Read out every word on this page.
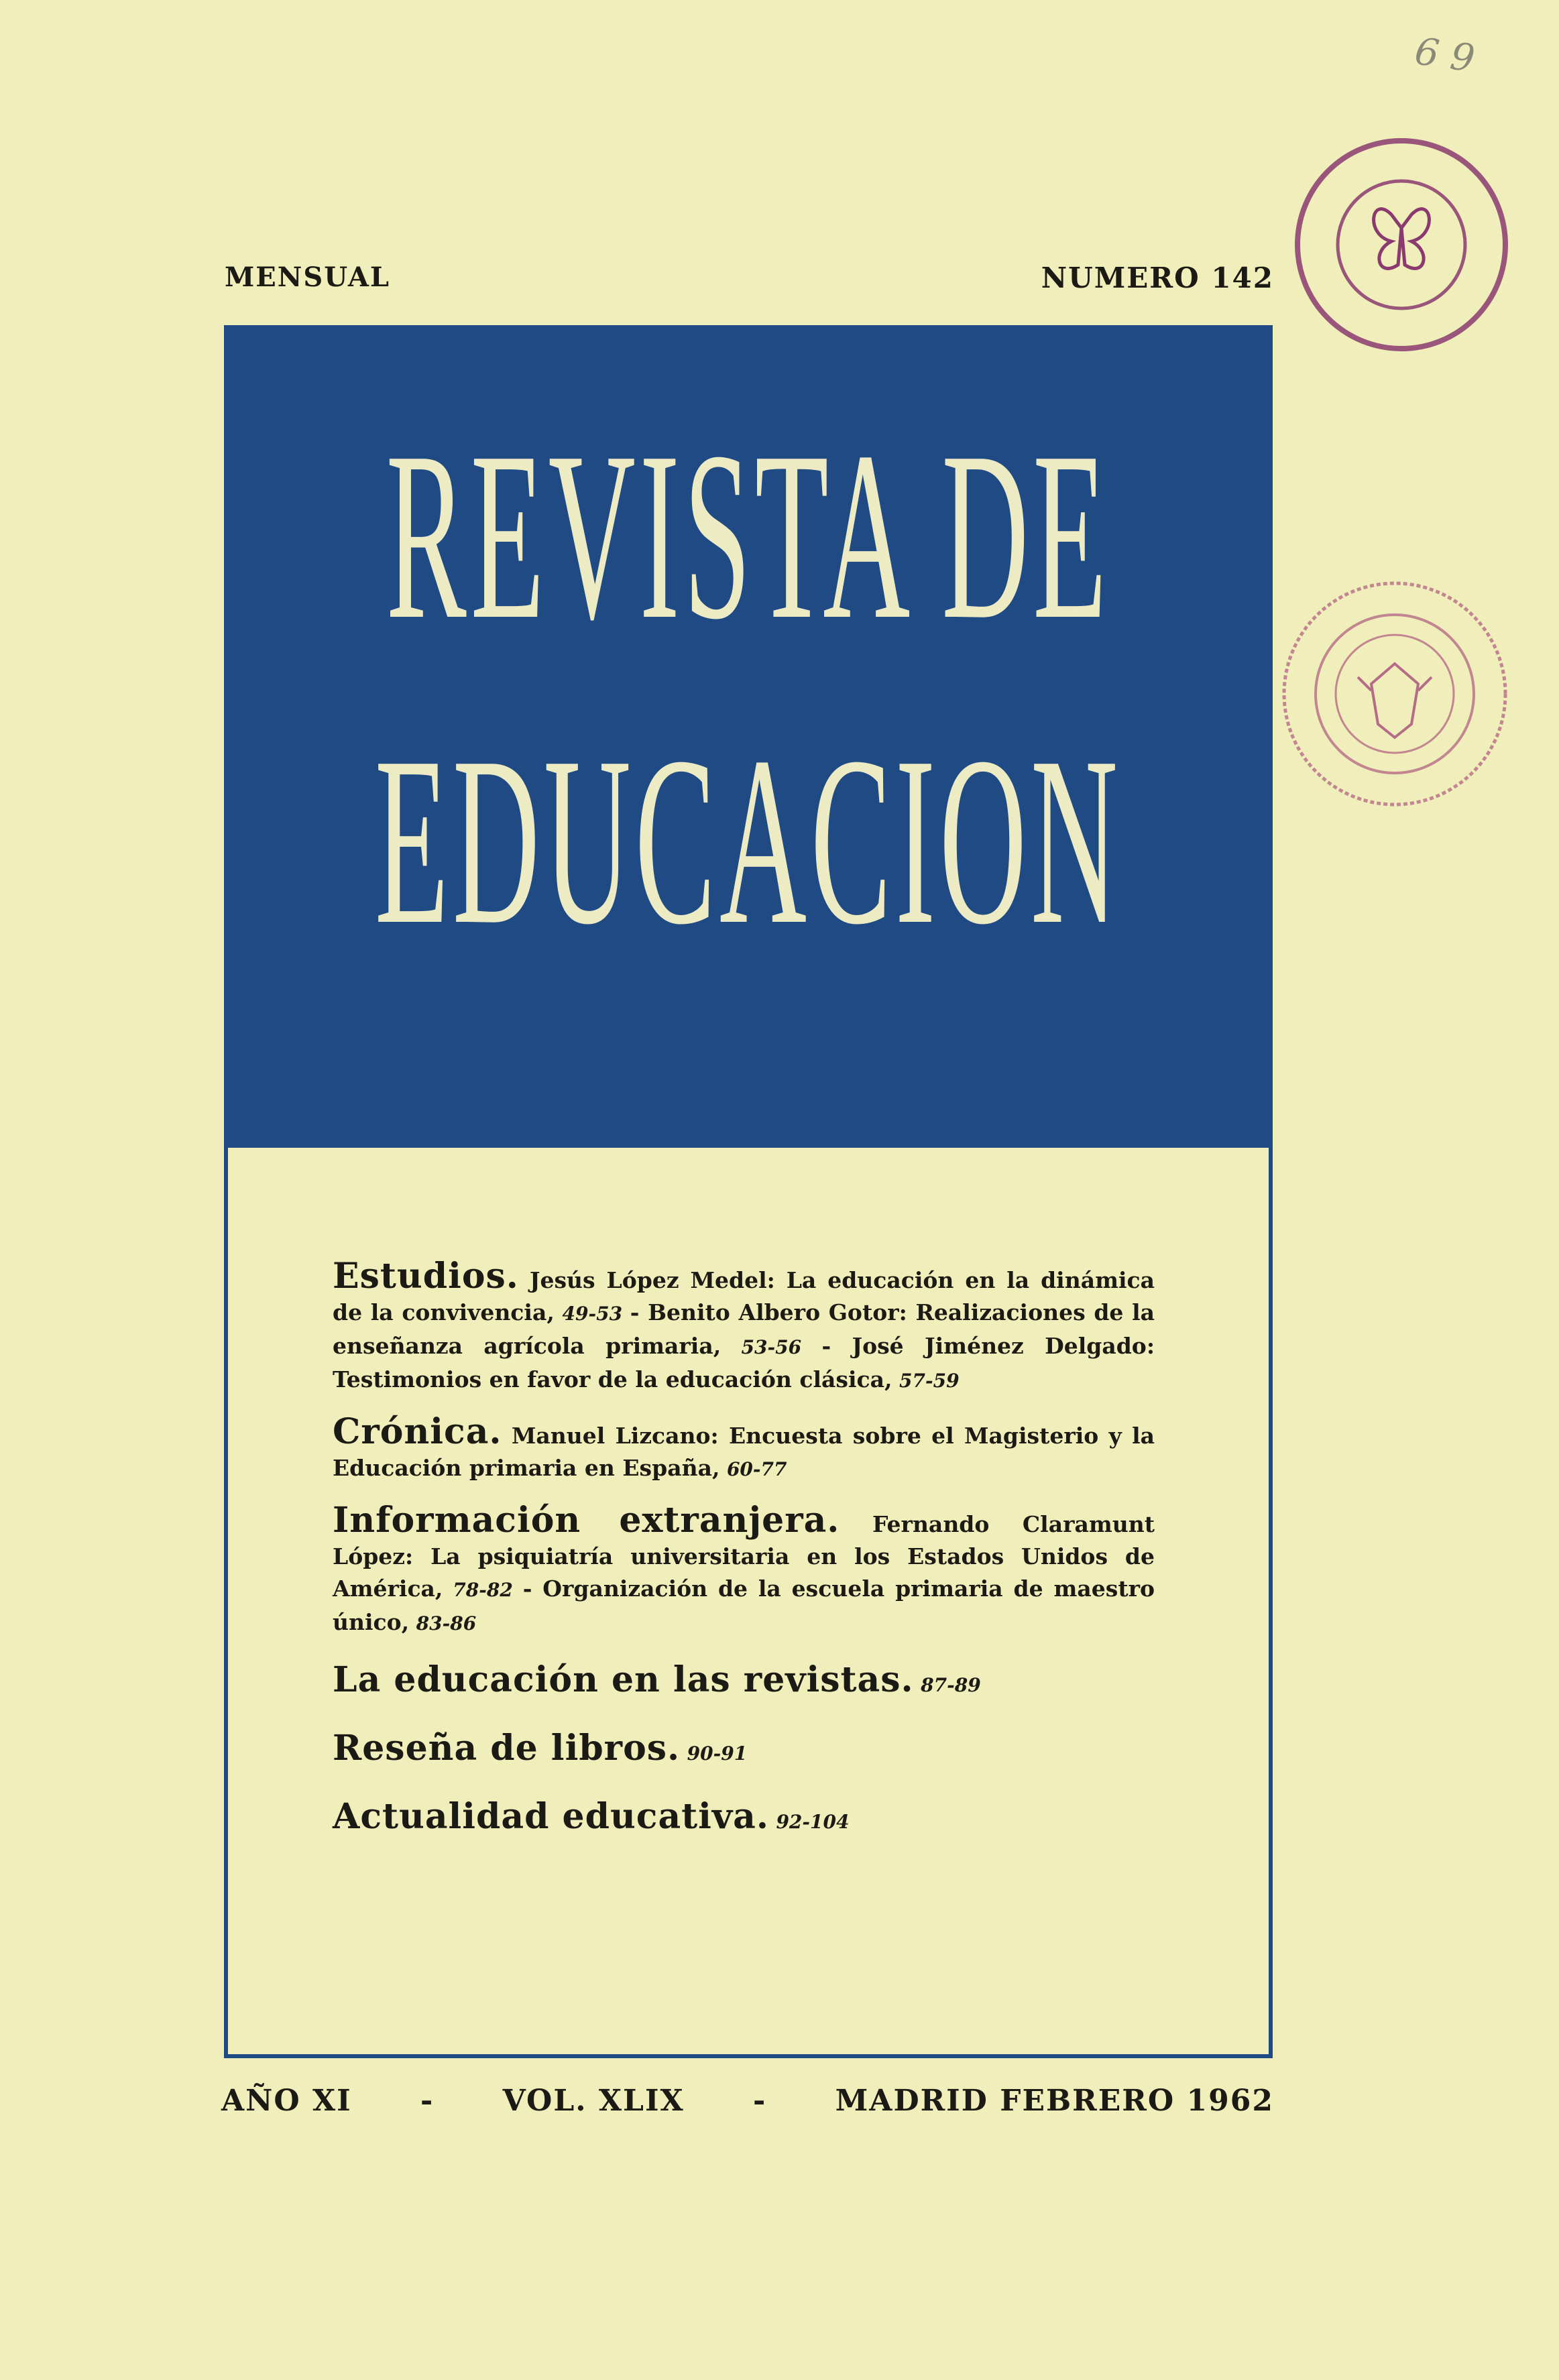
MENSUAL	NUMERO 142
6 9
REVISTA DE
EDUCACION
Estudios. Jesús López Medel: La educación en la dinámica de la convivencia, 49-53 - Benito Albero Gotor: Realizaciones de la enseñanza agrícola primaria, 53-56 - José Jiménez Delgado: Testimonios en favor de la educación clásica, 57-59
Crónica. Manuel Lizcano: Encuesta sobre el Magisterio y la Educación primaria en España, 60-77
Información extranjera. Fernando Claramunt López: La psiquiatría universitaria en los Estados Unidos de América, 78-82 - Organización de la escuela primaria de maestro único, 83-86
La educación en las revistas. 87-89
Reseña de libros. 90-91
Actualidad educativa. 92-104
AÑO XI - VOL. XLIX - MADRID FEBRERO 1962
